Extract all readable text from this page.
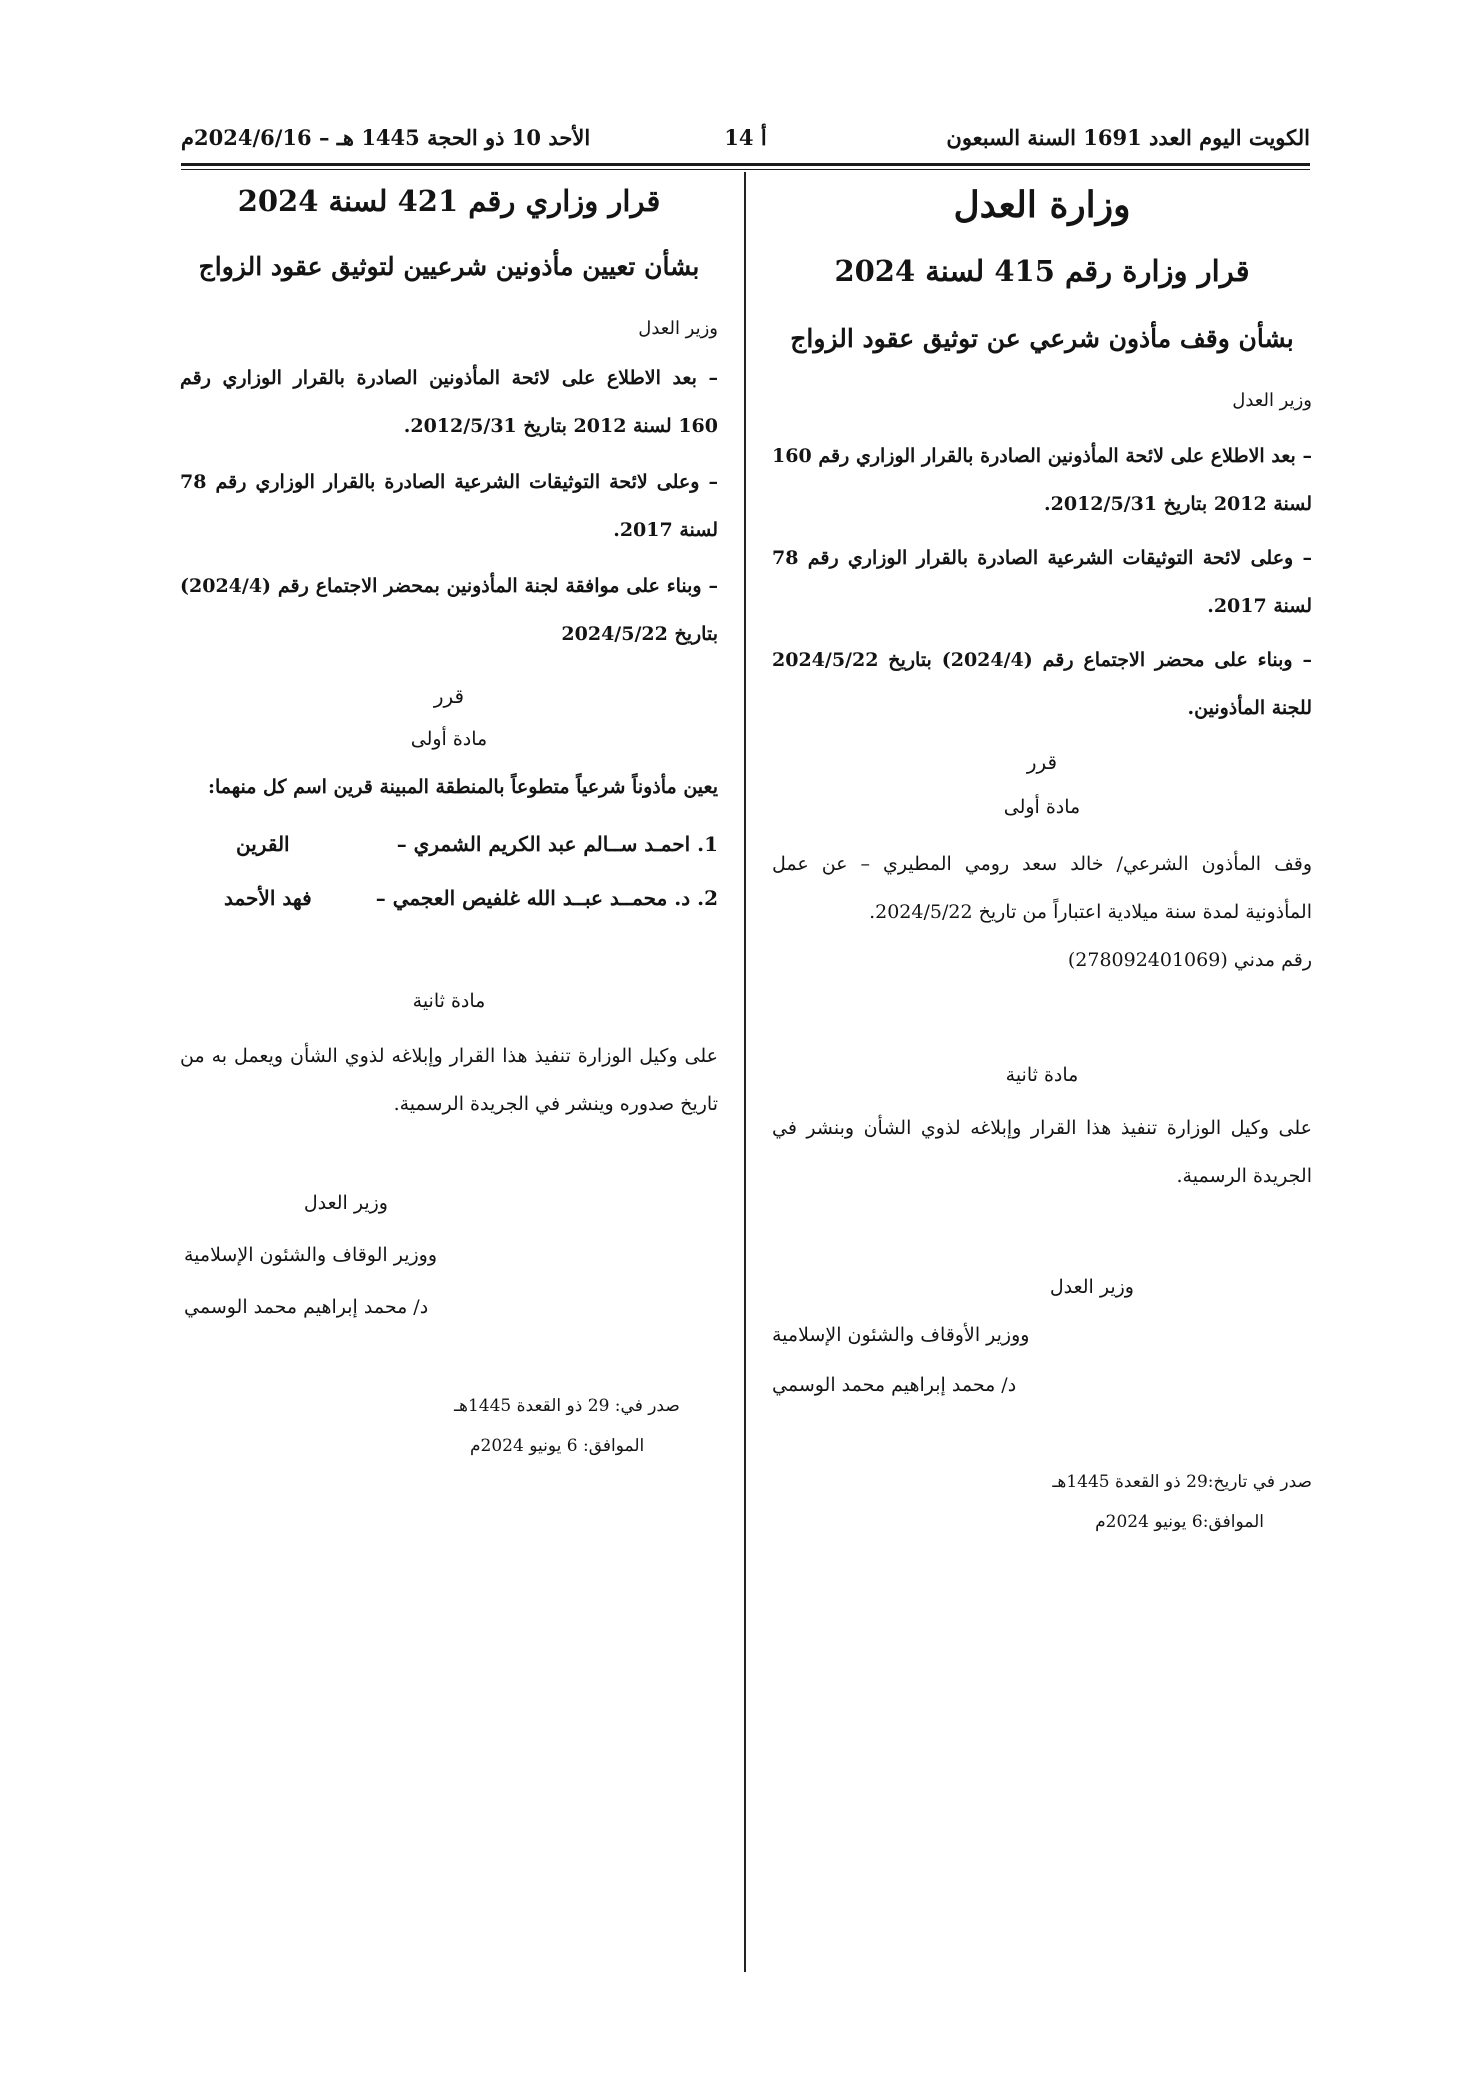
الكويت اليوم العدد 1691 السنة السبعون
أ 14
الأحد 10 ذو الحجة 1445 هـ – 2024/6/16م
وزارة العدل
قرار وزارة رقم 415 لسنة 2024
بشأن وقف مأذون شرعي عن توثيق عقود الزواج
وزير العدل
– بعد الاطلاع على لائحة المأذونين الصادرة بالقرار الوزاري رقم 160 لسنة 2012 بتاريخ 2012/5/31.
– وعلى لائحة التوثيقات الشرعية الصادرة بالقرار الوزاري رقم 78 لسنة 2017.
– وبناء على محضر الاجتماع رقم (2024/4) بتاريخ 2024/5/22 للجنة المأذونين.
قرر
مادة أولى
وقف المأذون الشرعي/ خالد سعد رومي المطيري – عن عمل المأذونية لمدة سنة ميلادية اعتباراً من تاريخ 2024/5/22.
رقم مدني (278092401069)
مادة ثانية
على وكيل الوزارة تنفيذ هذا القرار وإبلاغه لذوي الشأن وبنشر في الجريدة الرسمية.
وزير العدل
ووزير الأوقاف والشئون الإسلامية
د/ محمد إبراهيم محمد الوسمي
صدر في تاريخ:29 ذو القعدة 1445هـ
الموافق:6 يونيو 2024م
قرار وزاري رقم 421 لسنة 2024
بشأن تعيين مأذونين شرعيين لتوثيق عقود الزواج
وزير العدل
– بعد الاطلاع على لائحة المأذونين الصادرة بالقرار الوزاري رقم 160 لسنة 2012 بتاريخ 2012/5/31.
– وعلى لائحة التوثيقات الشرعية الصادرة بالقرار الوزاري رقم 78 لسنة 2017.
– وبناء على موافقة لجنة المأذونين بمحضر الاجتماع رقم (2024/4) بتاريخ 2024/5/22
قرر
مادة أولى
يعين مأذوناً شرعياً متطوعاً بالمنطقة المبينة قرين اسم كل منهما:
1. احمـد ســالم عبد الكريم الشمري –
القرين
2. د. محمــد عبــد الله غلفيص العجمي –
فهد الأحمد
مادة ثانية
على وكيل الوزارة تنفيذ هذا القرار وإبلاغه لذوي الشأن ويعمل به من تاريخ صدوره وينشر في الجريدة الرسمية.
وزير العدل
ووزير الوقاف والشئون الإسلامية
د/ محمد إبراهيم محمد الوسمي
صدر في: 29 ذو القعدة 1445هـ
الموافق: 6 يونيو 2024م
